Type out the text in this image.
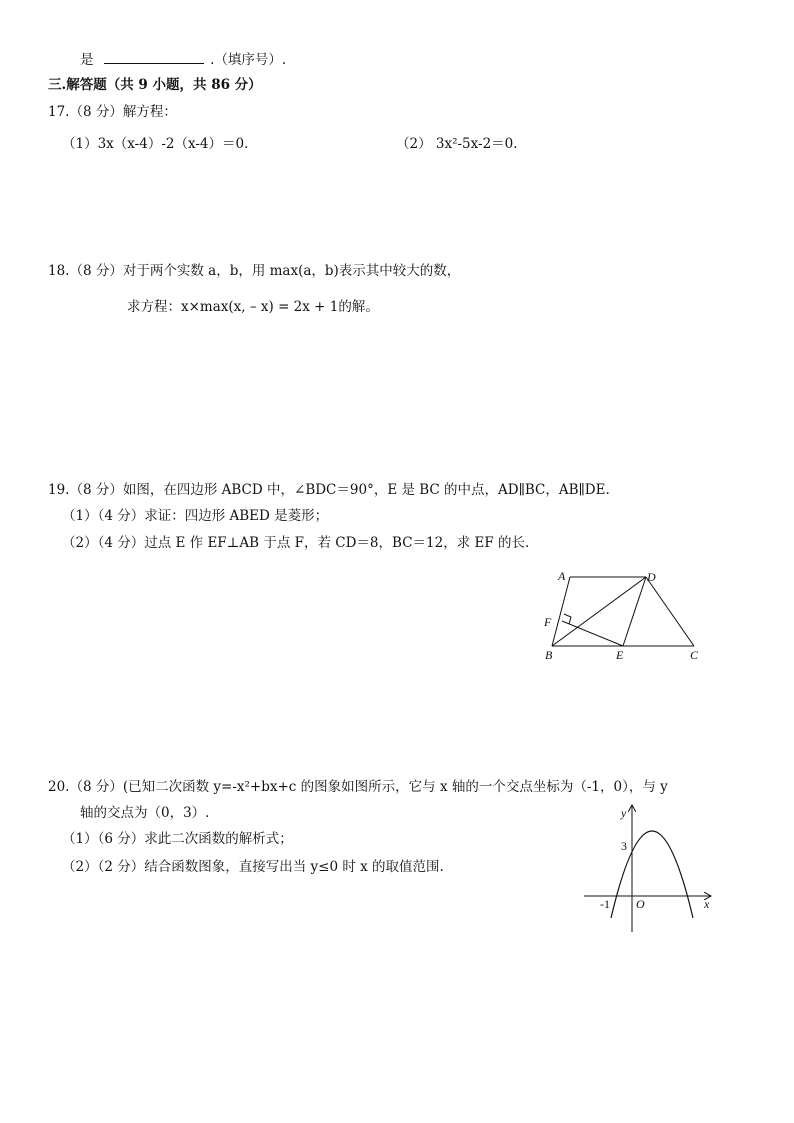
是	.（填序号）.
三.解答题（共 9 小题，共 86 分）
17.（8 分）解方程：
（1）3x（x-4）-2（x-4）＝0.	（2） 3x²-5x-2＝0.
18.（8 分）对于两个实数 a，b，用 max(a，b)表示其中较大的数，
求方程：x×max(x, – x) = 2x + 1的解。
19.（8 分）如图，在四边形 ABCD 中，∠BDC＝90°，E 是 BC 的中点，AD∥BC，AB∥DE.
（1）（4 分）求证：四边形 ABED 是菱形；
（2）（4 分）过点 E 作 EF⊥AB 于点 F，若 CD＝8，BC＝12，求 EF 的长.
A	D
F
B	E	C
20.（8 分）(已知二次函数 y=-x²+bx+c 的图象如图所示，它与 x 轴的一个交点坐标为（-1，0），与 y
轴的交点为（0，3）.
（1）（6 分）求此二次函数的解析式；
（2）（2 分）结合函数图象，直接写出当 y≤0 时 x 的取值范围.
y
x
O
-1
3
